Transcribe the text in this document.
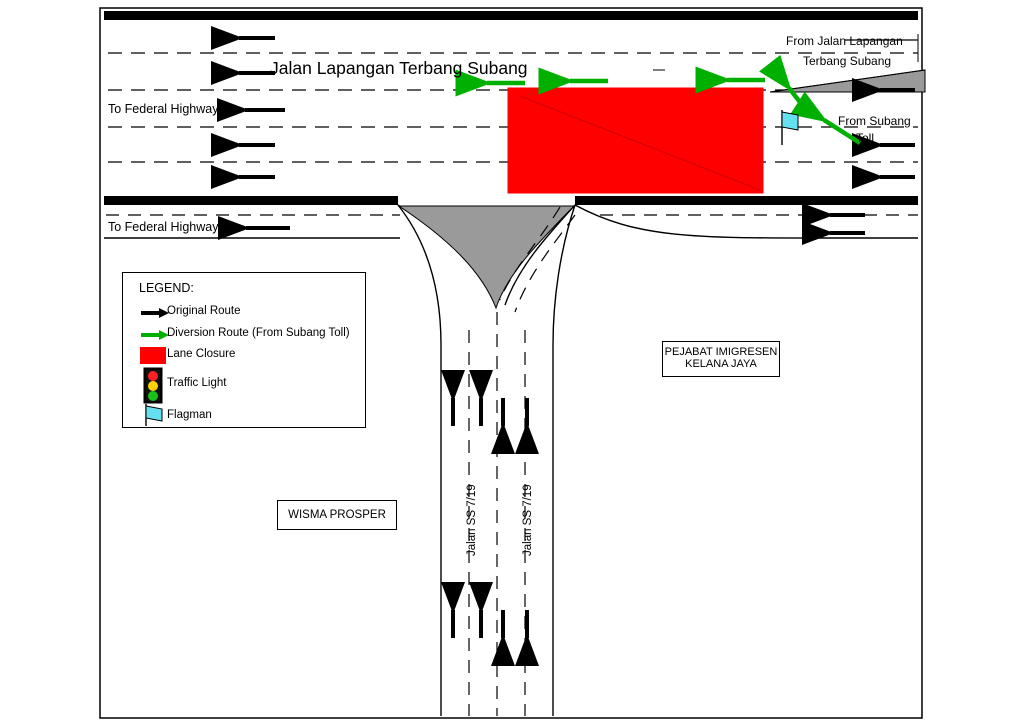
Jalan Lapangan Terbang Subang
To Federal Highway
To Federal Highway
From Jalan Lapangan
Terbang Subang
From Subang
Toll
Jalan SS 7/19	Jalan SS 7/19
WISMA PROSPER
PEJABAT IMIGRESEN
KELANA JAYA
LEGEND:
Original Route
Diversion Route (From Subang Toll)
Lane Closure
Traffic Light
Flagman
